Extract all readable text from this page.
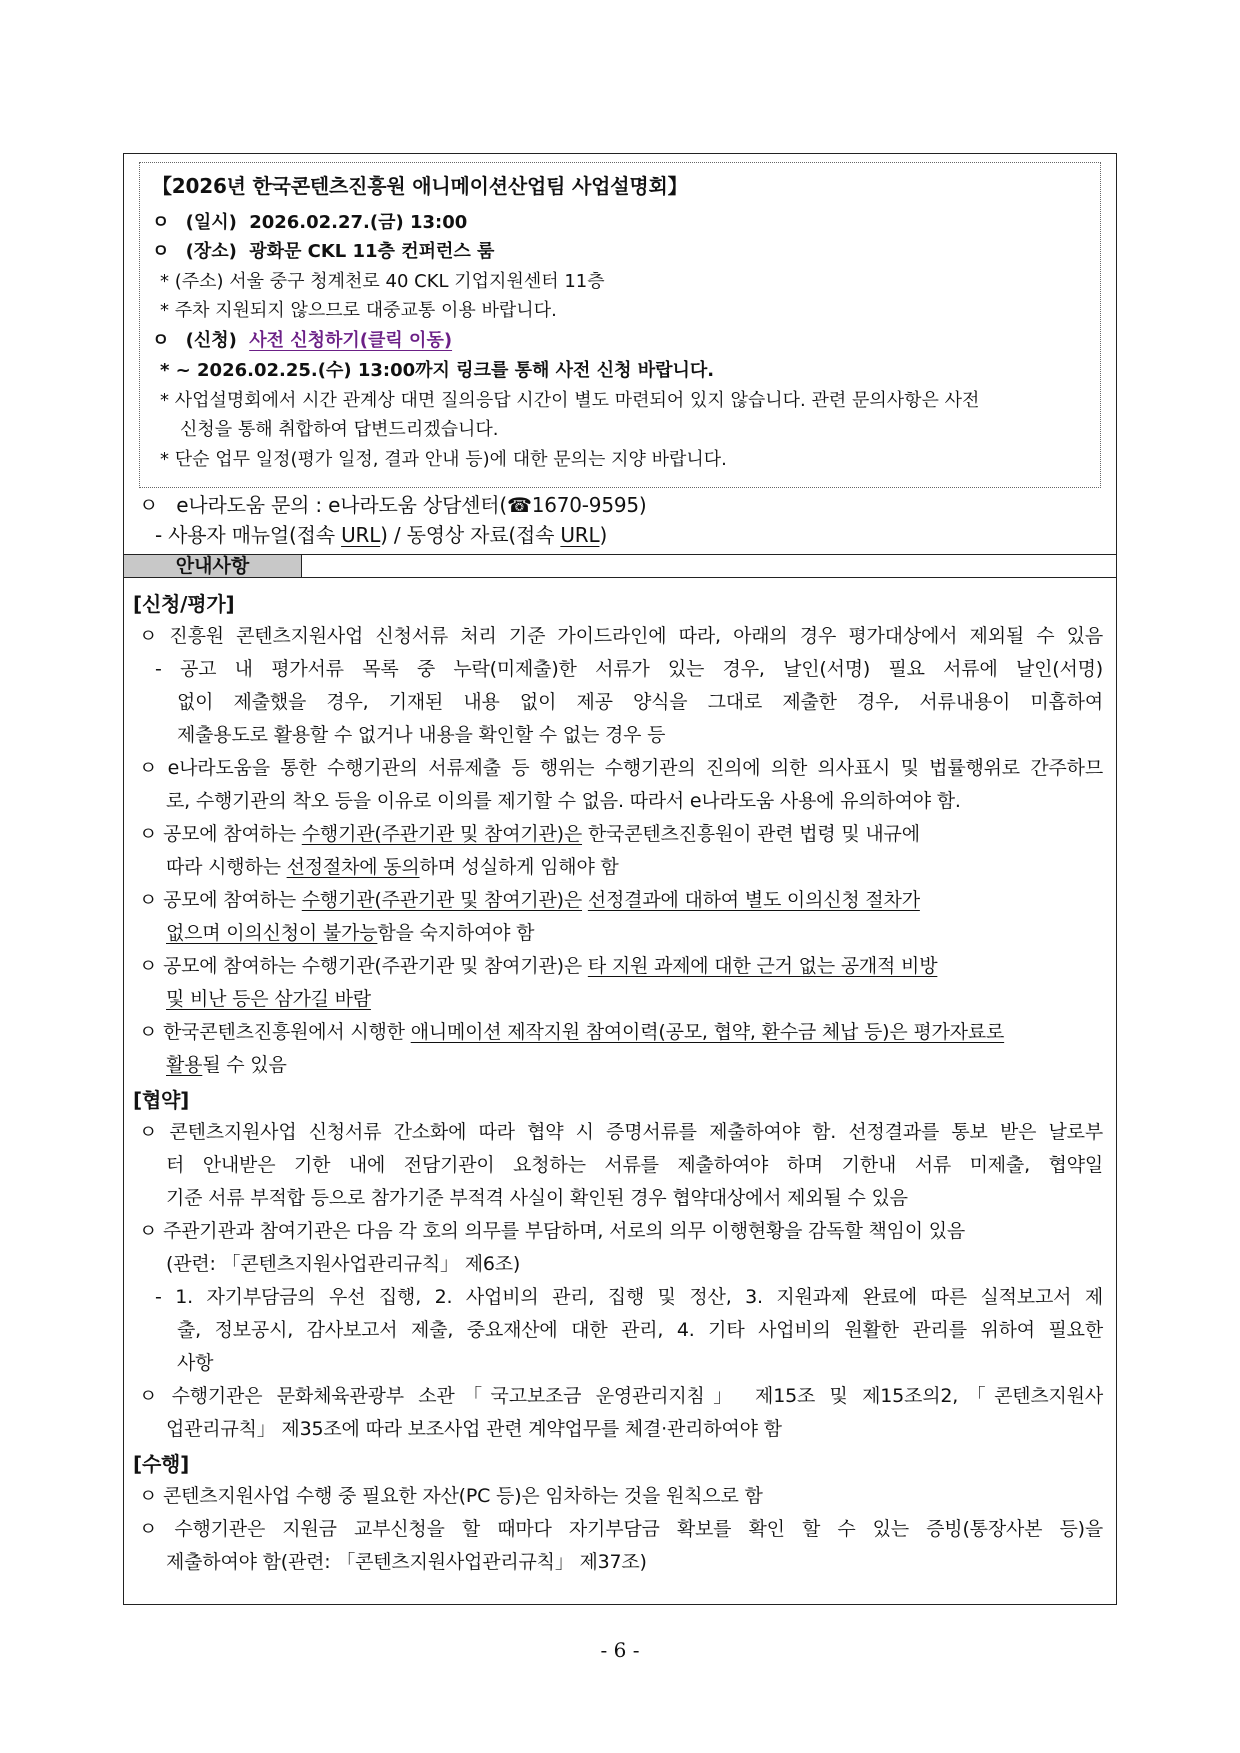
【2026년 한국콘텐츠진흥원 애니메이션산업팀 사업설명회】
ㅇ (일시) 2026.02.27.(금) 13:00
ㅇ (장소) 광화문 CKL 11층 컨퍼런스 룸
* (주소) 서울 중구 청계천로 40 CKL 기업지원센터 11층
* 주차 지원되지 않으므로 대중교통 이용 바랍니다.
ㅇ (신청) 사전 신청하기(클릭 이동)
* ~ 2026.02.25.(수) 13:00까지 링크를 통해 사전 신청 바랍니다.
* 사업설명회에서 시간 관계상 대면 질의응답 시간이 별도 마련되어 있지 않습니다. 관련 문의사항은 사전
신청을 통해 취합하여 답변드리겠습니다.
* 단순 업무 일정(평가 일정, 결과 안내 등)에 대한 문의는 지양 바랍니다.
ㅇ e나라도움 문의 : e나라도움 상담센터(☎1670-9595)
- 사용자 매뉴얼(접속 URL) / 동영상 자료(접속 URL)
안내사항
[신청/평가]
ㅇ 진흥원 콘텐츠지원사업 신청서류 처리 기준 가이드라인에 따라, 아래의 경우 평가대상에서 제외될 수 있음
- 공고 내 평가서류 목록 중 누락(미제출)한 서류가 있는 경우, 날인(서명) 필요 서류에 날인(서명)
없이 제출했을 경우, 기재된 내용 없이 제공 양식을 그대로 제출한 경우, 서류내용이 미흡하여
제출용도로 활용할 수 없거나 내용을 확인할 수 없는 경우 등
ㅇ e나라도움을 통한 수행기관의 서류제출 등 행위는 수행기관의 진의에 의한 의사표시 및 법률행위로 간주하므
로, 수행기관의 착오 등을 이유로 이의를 제기할 수 없음. 따라서 e나라도움 사용에 유의하여야 함.
ㅇ 공모에 참여하는 수행기관(주관기관 및 참여기관)은 한국콘텐츠진흥원이 관련 법령 및 내규에
따라 시행하는 선정절차에 동의하며 성실하게 임해야 함
ㅇ 공모에 참여하는 수행기관(주관기관 및 참여기관)은 선정결과에 대하여 별도 이의신청 절차가
없으며 이의신청이 불가능함을 숙지하여야 함
ㅇ 공모에 참여하는 수행기관(주관기관 및 참여기관)은 타 지원 과제에 대한 근거 없는 공개적 비방
및 비난 등은 삼가길 바람
ㅇ 한국콘텐츠진흥원에서 시행한 애니메이션 제작지원 참여이력(공모, 협약, 환수금 체납 등)은 평가자료로
활용될 수 있음
[협약]
ㅇ 콘텐츠지원사업 신청서류 간소화에 따라 협약 시 증명서류를 제출하여야 함. 선정결과를 통보 받은 날로부
터 안내받은 기한 내에 전담기관이 요청하는 서류를 제출하여야 하며 기한내 서류 미제출, 협약일
기준 서류 부적합 등으로 참가기준 부적격 사실이 확인된 경우 협약대상에서 제외될 수 있음
ㅇ 주관기관과 참여기관은 다음 각 호의 의무를 부담하며, 서로의 의무 이행현황을 감독할 책임이 있음
(관련: 「콘텐츠지원사업관리규칙」 제6조)
- 1. 자기부담금의 우선 집행, 2. 사업비의 관리, 집행 및 정산, 3. 지원과제 완료에 따른 실적보고서 제
출, 정보공시, 감사보고서 제출, 중요재산에 대한 관리, 4. 기타 사업비의 원활한 관리를 위하여 필요한
사항
ㅇ 수행기관은 문화체육관광부 소관「국고보조금 운영관리지침」 제15조 및 제15조의2,「콘텐츠지원사
업관리규칙」 제35조에 따라 보조사업 관련 계약업무를 체결·관리하여야 함
[수행]
ㅇ 콘텐츠지원사업 수행 중 필요한 자산(PC 등)은 임차하는 것을 원칙으로 함
ㅇ 수행기관은 지원금 교부신청을 할 때마다 자기부담금 확보를 확인 할 수 있는 증빙(통장사본 등)을
제출하여야 함(관련: 「콘텐츠지원사업관리규칙」 제37조)
- 6 -
